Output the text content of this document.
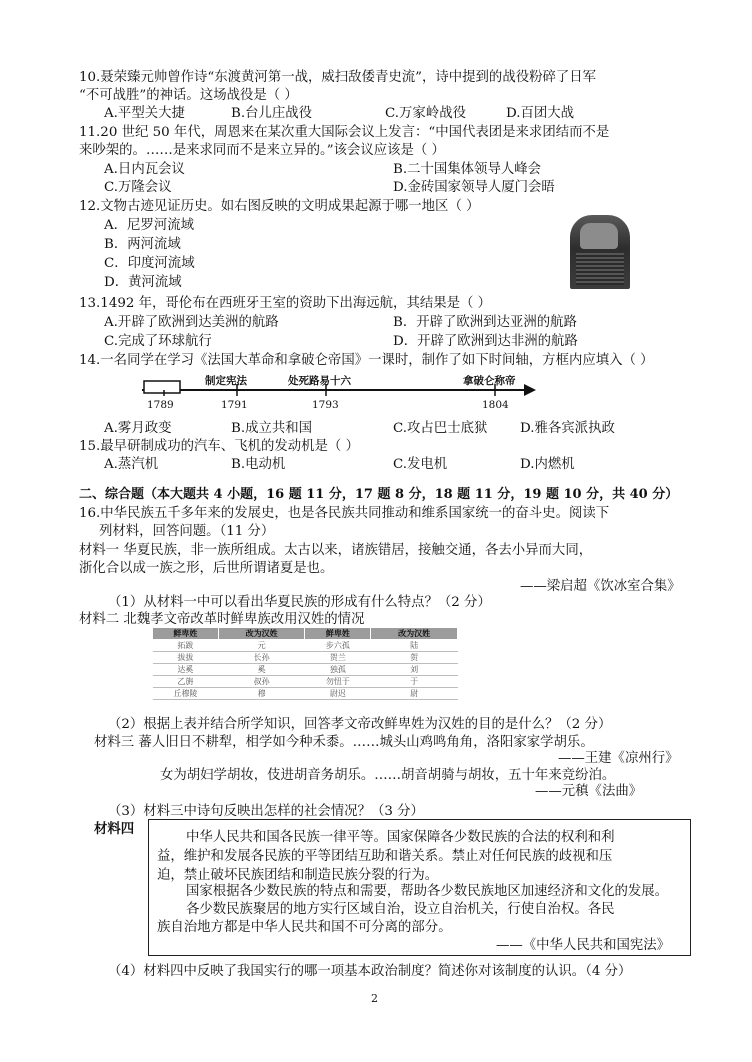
10.聂荣臻元帅曾作诗“东渡黄河第一战，威扫敌倭青史流”，诗中提到的战役粉碎了日军
“不可战胜”的神话。这场战役是（ ）
A.平型关大捷	B.台儿庄战役	C.万家岭战役	D.百团大战
11.20 世纪 50 年代，周恩来在某次重大国际会议上发言：“中国代表团是来求团结而不是
来吵架的。……是来求同而不是来立异的。”该会议应该是（ ）
A.日内瓦会议	B.二十国集体领导人峰会
C.万隆会议	D.金砖国家领导人厦门会晤
12.文物古迹见证历史。如右图反映的文明成果起源于哪一地区（ ）
A．尼罗河流域
B．两河流域
C．印度河流域
D．黄河流域
13.1492 年，哥伦布在西班牙王室的资助下出海远航，其结果是（ ）
A.开辟了欧洲到达美洲的航路	B．开辟了欧洲到达亚洲的航路
C.完成了环球航行	D．开辟了欧洲到达非洲的航路
14.一名同学在学习《法国大革命和拿破仑帝国》一课时，制作了如下时间轴，方框内应填入（ ）
制定宪法	处死路易十六	拿破仑称帝
1789	1791	1793	1804
A.雾月政变	B.成立共和国	C.攻占巴士底狱 D.雅各宾派执政
15.最早研制成功的汽车、飞机的发动机是（ ）
A.蒸汽机	B.电动机	C.发电机	D.内燃机
二、综合题（本大题共 4 小题，16 题 11 分，17 题 8 分，18 题 11 分，19 题 10 分，共 40 分）
16.中华民族五千多年来的发展史，也是各民族共同推动和维系国家统一的奋斗史。阅读下
列材料，回答问题。（11 分）
材料一 华夏民族，非一族所组成。太古以来，诸族错居，接触交通，各去小异而大同，
浙化合以成一族之形，后世所谓诸夏是也。
——梁启超《饮冰室合集》
（1）从材料一中可以看出华夏民族的形成有什么特点？（2 分）
材料二 北魏孝文帝改革时鲜卑族改用汉姓的情况
鲜卑姓	改为汉姓	鲜卑姓	改为汉姓
拓跋	元	步六孤	陆
拔拔	长孙	贺兰	贺
达奚	奚	独孤	刘
乙旃	叔孙	勿忸于	于
丘穆陵	穆	尉迟	尉
（2）根据上表并结合所学知识，回答孝文帝改鲜卑姓为汉姓的目的是什么？（2 分）
材料三 蕃人旧日不耕犁，相学如今种禾黍。……城头山鸡鸣角角，洛阳家家学胡乐。
——王建《凉州行》
女为胡妇学胡妆，伎进胡音务胡乐。……胡音胡骑与胡妆，五十年来竞纷泊。
——元稹《法曲》
（3）材料三中诗句反映出怎样的社会情况？（3 分）
材料四
中华人民共和国各民族一律平等。国家保障各少数民族的合法的权利和利
益，维护和发展各民族的平等团结互助和谐关系。禁止对任何民族的歧视和压
迫，禁止破坏民族团结和制造民族分裂的行为。
国家根据各少数民族的特点和需要，帮助各少数民族地区加速经济和文化的发展。
各少数民族聚居的地方实行区域自治，设立自治机关，行使自治权。各民
族自治地方都是中华人民共和国不可分离的部分。
——《中华人民共和国宪法》
（4）材料四中反映了我国实行的哪一项基本政治制度？简述你对该制度的认识。（4 分）
2
